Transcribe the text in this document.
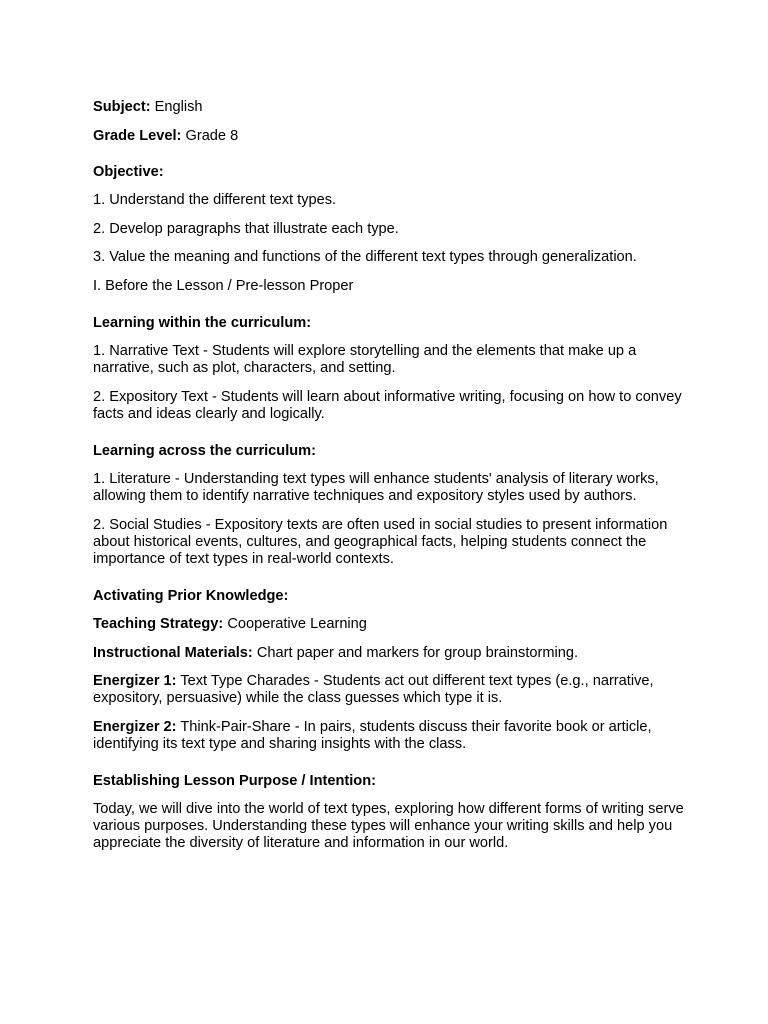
Subject: English

Grade Level: Grade 8

Objective:

1. Understand the different text types.

2. Develop paragraphs that illustrate each type.

3. Value the meaning and functions of the different text types through generalization.

I. Before the Lesson / Pre-lesson Proper

Learning within the curriculum:

1. Narrative Text - Students will explore storytelling and the elements that make up a narrative, such as plot, characters, and setting.

2. Expository Text - Students will learn about informative writing, focusing on how to convey facts and ideas clearly and logically.

Learning across the curriculum:

1. Literature - Understanding text types will enhance students' analysis of literary works, allowing them to identify narrative techniques and expository styles used by authors.

2. Social Studies - Expository texts are often used in social studies to present information about historical events, cultures, and geographical facts, helping students connect the importance of text types in real-world contexts.

Activating Prior Knowledge:

Teaching Strategy: Cooperative Learning

Instructional Materials: Chart paper and markers for group brainstorming.

Energizer 1: Text Type Charades - Students act out different text types (e.g., narrative, expository, persuasive) while the class guesses which type it is.

Energizer 2: Think-Pair-Share - In pairs, students discuss their favorite book or article, identifying its text type and sharing insights with the class.

Establishing Lesson Purpose / Intention:

Today, we will dive into the world of text types, exploring how different forms of writing serve various purposes. Understanding these types will enhance your writing skills and help you appreciate the diversity of literature and information in our world.
